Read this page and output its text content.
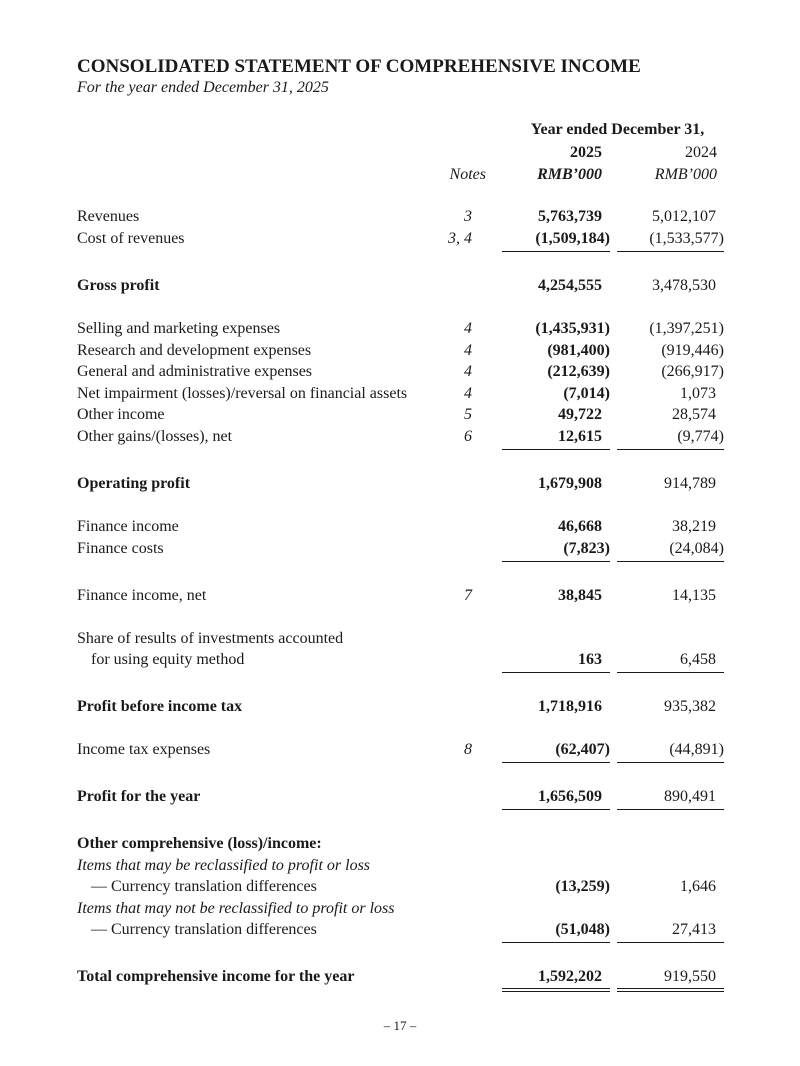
CONSOLIDATED STATEMENT OF COMPREHENSIVE INCOME
For the year ended December 31, 2025
Year ended December 31,
2025	2024
Notes	RMB’000	RMB’000
Revenues	3	5,763,739	5,012,107
Cost of revenues	3, 4	(1,509,184)	(1,533,577)
Gross profit	4,254,555	3,478,530
Selling and marketing expenses	4	(1,435,931)	(1,397,251)
Research and development expenses	4	(981,400)	(919,446)
General and administrative expenses	4	(212,639)	(266,917)
Net impairment (losses)/reversal on financial assets	4	(7,014)	1,073
Other income	5	49,722	28,574
Other gains/(losses), net	6	12,615	(9,774)
Operating profit	1,679,908	914,789
Finance income	46,668	38,219
Finance costs	(7,823)	(24,084)
Finance income, net	7	38,845	14,135
Share of results of investments accounted
for using equity method	163	6,458
Profit before income tax	1,718,916	935,382
Income tax expenses	8	(62,407)	(44,891)
Profit for the year	1,656,509	890,491
Other comprehensive (loss)/income:
Items that may be reclassified to profit or loss
— Currency translation differences	(13,259)	1,646
Items that may not be reclassified to profit or loss
— Currency translation differences	(51,048)	27,413
Total comprehensive income for the year	1,592,202	919,550
– 17 –
